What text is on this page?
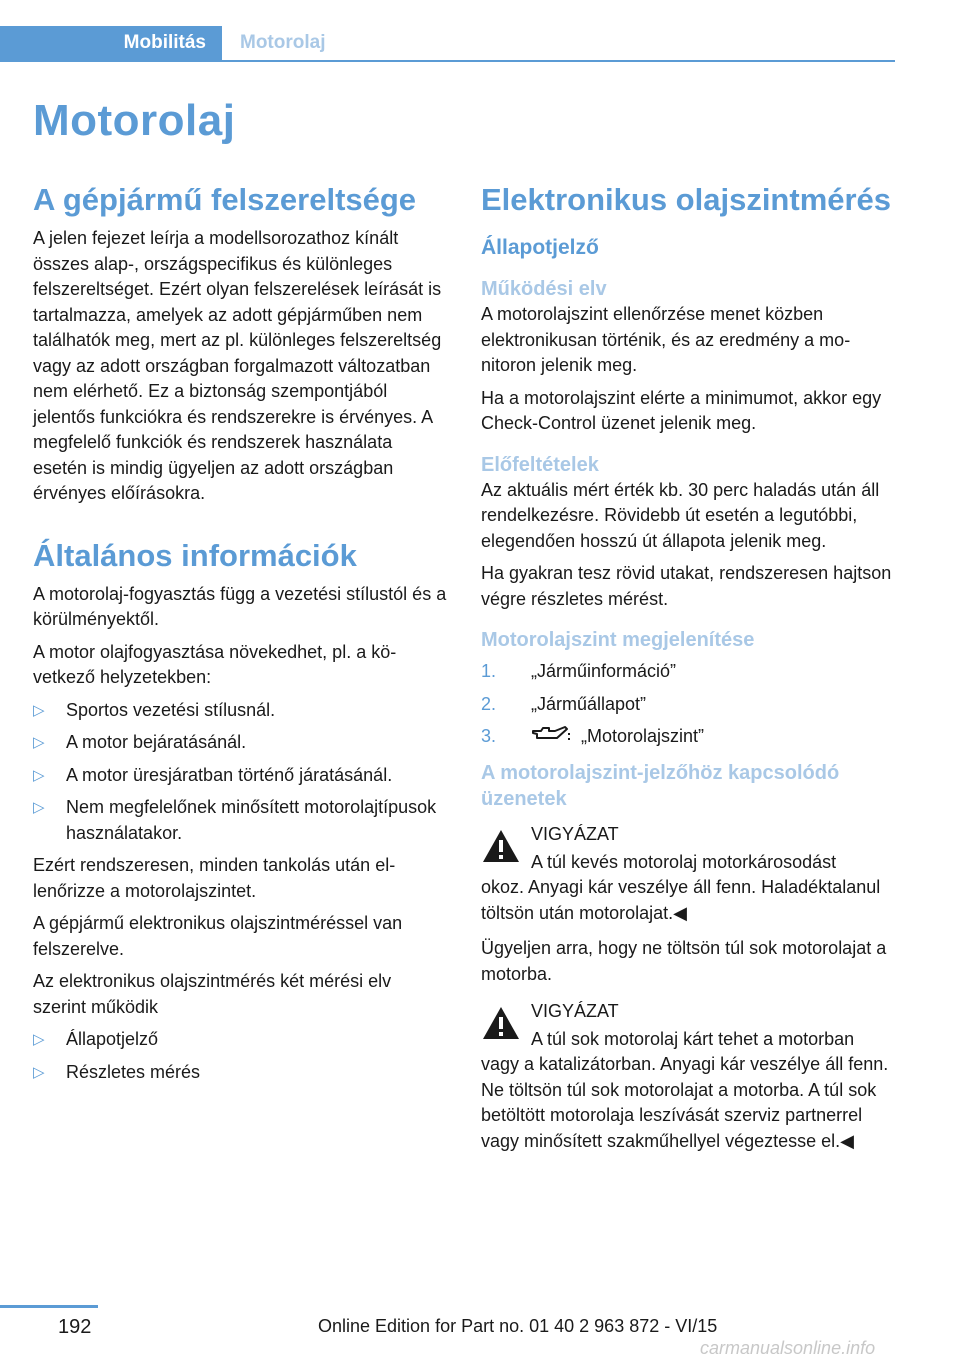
Mobilitás	Motorolaj
Motorolaj
A gépjármű felszereltsége

A jelen fejezet leírja a modellsorozathoz kínált összes alap-, országspecifikus és különleges felszereltséget. Ezért olyan felszerelések leírását is tartalmazza, amelyek az adott gépjárműben nem találhatók meg, mert az pl. különleges felszereltség vagy az adott országban forgalmazott változatban nem elérhető. Ez a biztonság szempontjából jelentős funkciókra és rendszerekre is érvényes. A megfelelő funkciók és rendszerek használata esetén is mindig ügyeljen az adott országban érvényes előírásokra.

Általános információk

A motorolaj-fogyasztás függ a vezetési stílustól és a körülményektől.

A motor olajfogyasztása növekedhet, pl. a következő helyzetekben:

▷ Sportos vezetési stílusnál.
▷ A motor bejáratásánál.
▷ A motor üresjáratban történő járatásánál.
▷ Nem megfelelőnek minősített motorolajtípusok használatakor.

Ezért rendszeresen, minden tankolás után ellenőrizze a motorolajszintet.

A gépjármű elektronikus olajszintméréssel van felszerelve.

Az elektronikus olajszintmérés két mérési elv szerint működik

▷ Állapotjelző
▷ Részletes mérés
Elektronikus olajszintmérés
Állapotjelző
Működési elv

A motorolajszint ellenőrzése menet közben elektronikusan történik, és az eredmény a monitoron jelenik meg.

Ha a motorolajszint elérte a minimumot, akkor egy Check-Control üzenet jelenik meg.

Előfeltételek

Az aktuális mért érték kb. 30 perc haladás után áll rendelkezésre. Rövidebb út esetén a legutóbbi, elegendően hosszú út állapota jelenik meg.

Ha gyakran tesz rövid utakat, rendszeresen hajtson végre részletes mérést.

Motorolajszint megjelenítése
1. „Járműinformáció”
2. „Járműállapot”
3.	„Motorolajszint”
A motorolajszint-jelzőhöz kapcsolódó üzenetek

VIGYÁZAT

A túl kevés motorolaj motorkárosodást

okoz. Anyagi kár veszélye áll fenn. Haladéktalanul töltsön után motorolajat.◀

Ügyeljen arra, hogy ne töltsön túl sok motorolajat a motorba.

VIGYÁZAT

A túl sok motorolaj kárt tehet a motorban

vagy a katalizátorban. Anyagi kár veszélye áll fenn. Ne töltsön túl sok motorolajat a motorba. A túl sok betöltött motorolaja leszívását szerviz partnerrel vagy minősített szakműhellyel végeztesse el.◀

192	Online Edition for Part no. 01 40 2 963 872 - VI/15
carmanualsonline.info
